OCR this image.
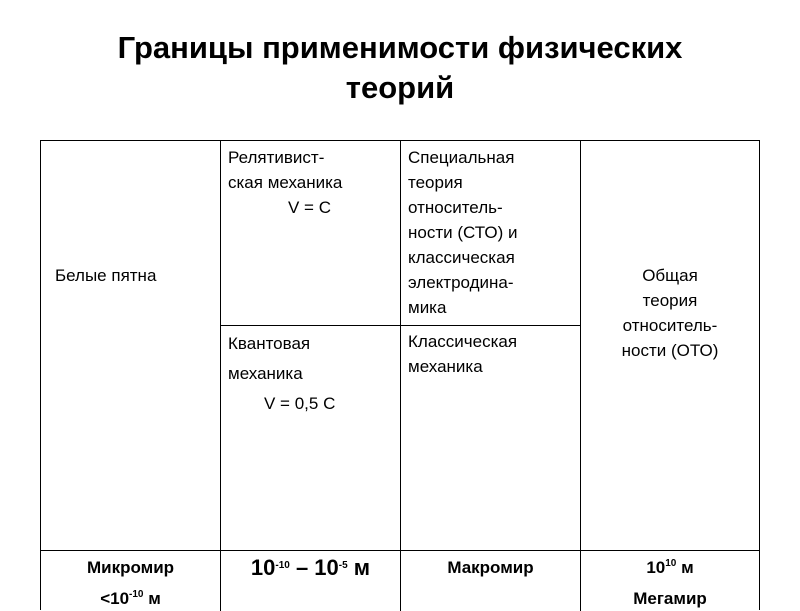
Границы применимости физических
теорий
Белые пятна
Релятивист-
ская механика
V = C
Специальная
теория
относитель-
ности (СТО) и
классическая
электродина-
мика
Общая
теория
относитель-
ности (ОТО)
Квантовая
механика
V = 0,5 C
Классическая
механика
Микромир
$<10^{-10}$ м
$10^{-10} - 10^{-5}$ м	Макромир	$10^{10}$ м
Мегамир
